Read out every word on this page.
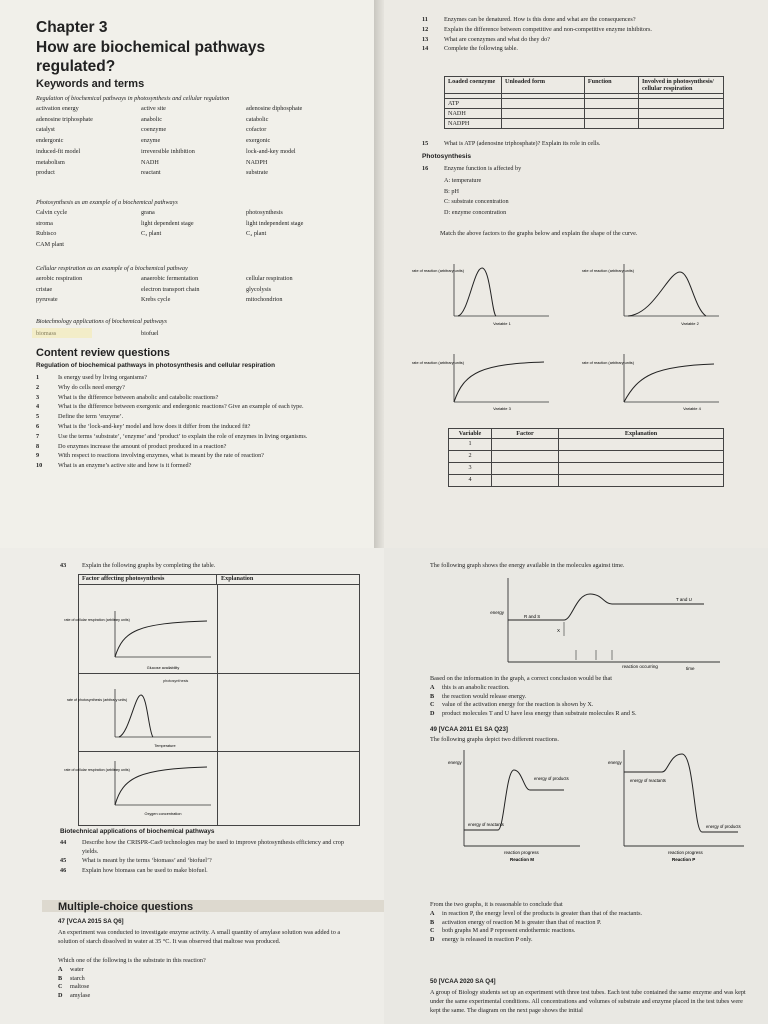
Chapter 3
How are biochemical pathways
regulated?
Keywords and terms
Regulation of biochemical pathways in photosynthesis and cellular regulation
activation energy	active site	adenosine diphosphate
adenosine triphosphate	anabolic	catabolic
catalyst	coenzyme	cofactor
endergonic	enzyme	exergonic
induced-fit model	irreversible inhibition	lock-and-key model
metabolism	NADH	NADPH
product	reactant	substrate
Photosynthesis as an example of a biochemical pathways
Calvin cycle	grana	photosynthesis
stroma	light dependent stage	light independent stage
Rubisco	C₃ plant	C₄ plant
CAM plant
Cellular respiration as an example of a biochemical pathway
aerobic respiration	anaerobic fermentation	cellular respiration
cristae	electron transport chain	glycolysis
pyruvate	Krebs cycle	mitochondrion
Biotechnology applications of biochemical pathways
biomass	biofuel
Content review questions
Regulation of biochemical pathways in photosynthesis and cellular respiration
1	Is energy used by living organisms?
2	Why do cells need energy?
3	What is the difference between anabolic and catabolic reactions?
4	What is the difference between exergonic and endergonic reactions? Give an example of each type.
5	Define the term ‘enzyme’.
6	What is the ‘lock-and-key’ model and how does it differ from the induced fit?
7	Use the terms ‘substrate’, ‘enzyme’ and ‘product’ to explain the role of enzymes in living organisms.
8	Do enzymes increase the amount of product produced in a reaction?
9	With respect to reactions involving enzymes, what is meant by the rate of reaction?
10	What is an enzyme’s active site and how is it formed?
11	Enzymes can be denatured. How is this done and what are the consequences?
12	Explain the difference between competitive and non-competitive enzyme inhibitors.
13	What are coenzymes and what do they do?
14	Complete the following table.
Loaded coenzyme	Unloaded form	Function	Involved in photosynthesis/ cellular respiration

ATP			
NADH			
NADPH			
15	What is ATP (adenosine triphosphate)? Explain its role in cells.
Photosynthesis
16	Enzyme function is affected by
A: temperature
B: pH
C: substrate concentration
D: enzyme concentration
Match the above factors to the graphs below and explain the shape of the curve.
rate of reaction (arbitrary units)
Variable 1
rate of reaction (arbitrary units)
Variable 2
rate of reaction (arbitrary units)
Variable 3
rate of reaction (arbitrary units)
Variable 4
Variable	Factor	Explanation
1		
2		
3		
4		
43	Explain the following graphs by completing the table.
Factor affecting photosynthesis	Explanation
rate of cellular respiration (arbitrary units)
Glucose availability
photosynthesis
rate of photosynthesis (arbitrary units)
Temperature
rate of cellular respiration (arbitrary units)
Oxygen concentration
Biotechnical applications of biochemical pathways
44	Describe how the CRISPR-Cas9 technologies may be used to improve photosynthesis efficiency and crop yields.
45	What is meant by the terms ‘biomass’ and ‘biofuel’?
46	Explain how biomass can be used to make biofuel.
Multiple-choice questions
47 [VCAA 2015 SA Q6]
An experiment was conducted to investigate enzyme activity. A small quantity of amylase solution was added to a solution of starch dissolved in water at 35 °C. It was observed that maltose was produced.
Which one of the following is the substrate in this reaction?
A	water
B	starch
C	maltose
D	amylase
The following graph shows the energy available in the molecules against time.
energy
R and S
T and U
X
reaction occurring	time
Based on the information in the graph, a correct conclusion would be that
A	this is an anabolic reaction.
B	the reaction would release energy.
C	value of the activation energy for the reaction is shown by X.
D	product molecules T and U have less energy than substrate molecules R and S.
49 [VCAA 2011 E1 SA Q23]
The following graphs depict two different reactions.
energy
energy of products
energy of reactants
reaction progress
Reaction M
energy
energy of reactants
energy of products
reaction progress
Reaction P
From the two graphs, it is reasonable to conclude that
A	in reaction P, the energy level of the products is greater than that of the reactants.
B	activation energy of reaction M is greater than that of reaction P.
C	both graphs M and P represent endothermic reactions.
D	energy is released in reaction P only.
50 [VCAA 2020 SA Q4]
A group of Biology students set up an experiment with three test tubes. Each test tube contained the same enzyme and was kept under the same experimental conditions. All concentrations and volumes of substrate and enzyme placed in the test tubes were kept the same. The diagram on the next page shows the initial
